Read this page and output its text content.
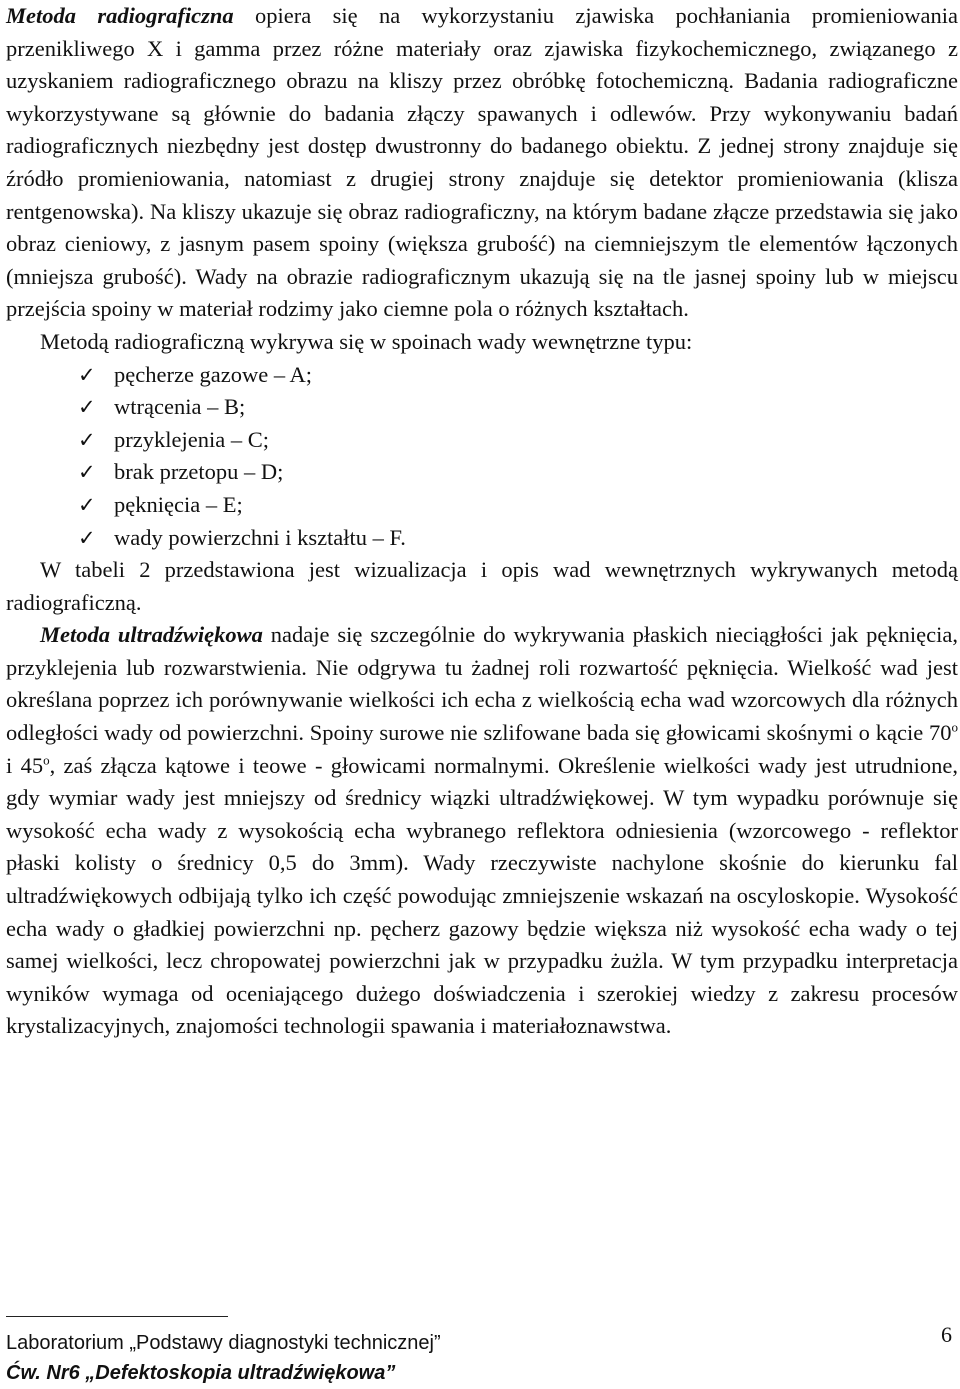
Metoda radiograficzna opiera się na wykorzystaniu zjawiska pochłaniania promieniowania przenikliwego X i gamma przez różne materiały oraz zjawiska fizykochemicznego, związanego z uzyskaniem radiograficznego obrazu na kliszy przez obróbkę fotochemiczną. Badania radiograficzne wykorzystywane są głównie do badania złączy spawanych i odlewów. Przy wykonywaniu badań radiograficznych niezbędny jest dostęp dwustronny do badanego obiektu. Z jednej strony znajduje się źródło promieniowania, natomiast z drugiej strony znajduje się detektor promieniowania (klisza rentgenowska). Na kliszy ukazuje się obraz radiograficzny, na którym badane złącze przedstawia się jako obraz cieniowy, z jasnym pasem spoiny (większa grubość) na ciemniejszym tle elementów łączonych (mniejsza grubość). Wady na obrazie radiograficznym ukazują się na tle jasnej spoiny lub w miejscu przejścia spoiny w materiał rodzimy jako ciemne pola o różnych kształtach.

Metodą radiograficzną wykrywa się w spoinach wady wewnętrzne typu:

✓ pęcherze gazowe – A;
✓ wtrącenia – B;
✓ przyklejenia – C;
✓ brak przetopu – D;
✓ pęknięcia – E;
✓ wady powierzchni i kształtu – F.

W tabeli 2 przedstawiona jest wizualizacja i opis wad wewnętrznych wykrywanych metodą radiograficzną.

Metoda ultradźwiękowa nadaje się szczególnie do wykrywania płaskich nieciągłości jak pęknięcia, przyklejenia lub rozwarstwienia. Nie odgrywa tu żadnej roli rozwartość pęknięcia. Wielkość wad jest określana poprzez ich porównywanie wielkości ich echa z wielkością echa wad wzorcowych dla różnych odległości wady od powierzchni. Spoiny surowe nie szlifowane bada się głowicami skośnymi o kącie 70$^o$ i 45$^o$, zaś złącza kątowe i teowe - głowicami normalnymi. Określenie wielkości wady jest utrudnione, gdy wymiar wady jest mniejszy od średnicy wiązki ultradźwiękowej. W tym wypadku porównuje się wysokość echa wady z wysokością echa wybranego reflektora odniesienia (wzorcowego - reflektor płaski kolisty o średnicy 0,5 do 3mm). Wady rzeczywiste nachylone skośnie do kierunku fal ultradźwiękowych odbijają tylko ich część powodując zmniejszenie wskazań na oscyloskopie. Wysokość echa wady o gładkiej powierzchni np. pęcherz gazowy będzie większa niż wysokość echa wady o tej samej wielkości, lecz chropowatej powierzchni jak w przypadku żużla. W tym przypadku interpretacja wyników wymaga od oceniającego dużego doświadczenia i szerokiej wiedzy z zakresu procesów krystalizacyjnych, znajomości technologii spawania i materiałoznawstwa.

Laboratorium „Podstawy diagnostyki technicznej”
Ćw. Nr6 „Defektoskopia ultradźwiękowa”
6
